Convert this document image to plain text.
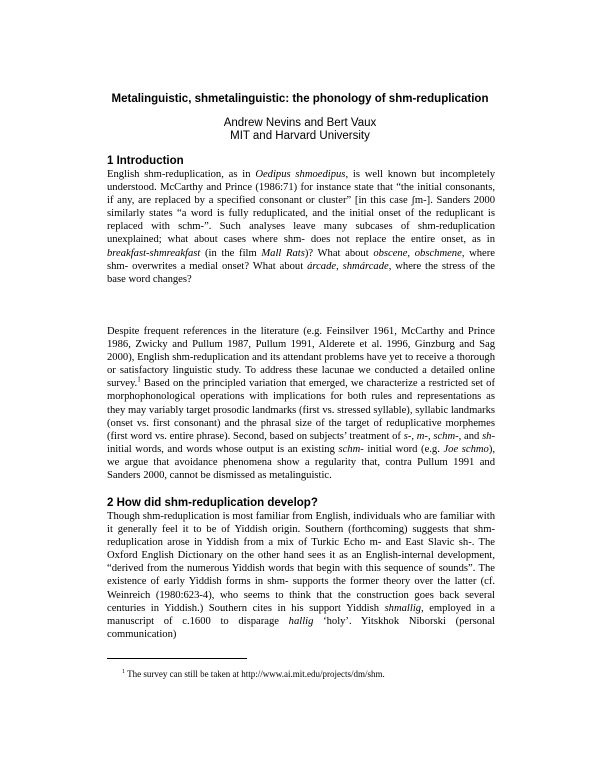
Metalinguistic, shmetalinguistic: the phonology of shm-reduplication
Andrew Nevins and Bert Vaux
MIT and Harvard University
1 Introduction
English shm-reduplication, as in Oedipus shmoedipus, is well known but incompletely understood. McCarthy and Prince (1986:71) for instance state that “the initial consonants, if any, are replaced by a specified consonant or cluster” [in this case ʃm-]. Sanders 2000 similarly states “a word is fully reduplicated, and the initial onset of the reduplicant is replaced with schm-”. Such analyses leave many subcases of shm-reduplication unexplained; what about cases where shm- does not replace the entire onset, as in breakfast-shmreakfast (in the film Mall Rats)? What about obscene, obschmene, where shm- overwrites a medial onset? What about árcade, shmárcade, where the stress of the base word changes?
Despite frequent references in the literature (e.g. Feinsilver 1961, McCarthy and Prince 1986, Zwicky and Pullum 1987, Pullum 1991, Alderete et al. 1996, Ginzburg and Sag 2000), English shm-reduplication and its attendant problems have yet to receive a thorough or satisfactory linguistic study. To address these lacunae we conducted a detailed online survey.$^1$ Based on the principled variation that emerged, we characterize a restricted set of morphophonological operations with implications for both rules and representations as they may variably target prosodic landmarks (first vs. stressed syllable), syllabic landmarks (onset vs. first consonant) and the phrasal size of the target of reduplicative morphemes (first word vs. entire phrase). Second, based on subjects’ treatment of s-, m-, schm-, and sh-initial words, and words whose output is an existing schm- initial word (e.g. Joe schmo), we argue that avoidance phenomena show a regularity that, contra Pullum 1991 and Sanders 2000, cannot be dismissed as metalinguistic.
2 How did shm-reduplication develop?
Though shm-reduplication is most familiar from English, individuals who are familiar with it generally feel it to be of Yiddish origin. Southern (forthcoming) suggests that shm-reduplication arose in Yiddish from a mix of Turkic Echo m- and East Slavic sh-. The Oxford English Dictionary on the other hand sees it as an English-internal development, “derived from the numerous Yiddish words that begin with this sequence of sounds”. The existence of early Yiddish forms in shm- supports the former theory over the latter (cf. Weinreich (1980:623-4), who seems to think that the construction goes back several centuries in Yiddish.) Southern cites in his support Yiddish shmallig, employed in a manuscript of c.1600 to disparage hallig ‘holy’. Yitskhok Niborski (personal communication)
$^1$ The survey can still be taken at http://www.ai.mit.edu/projects/dm/shm.
